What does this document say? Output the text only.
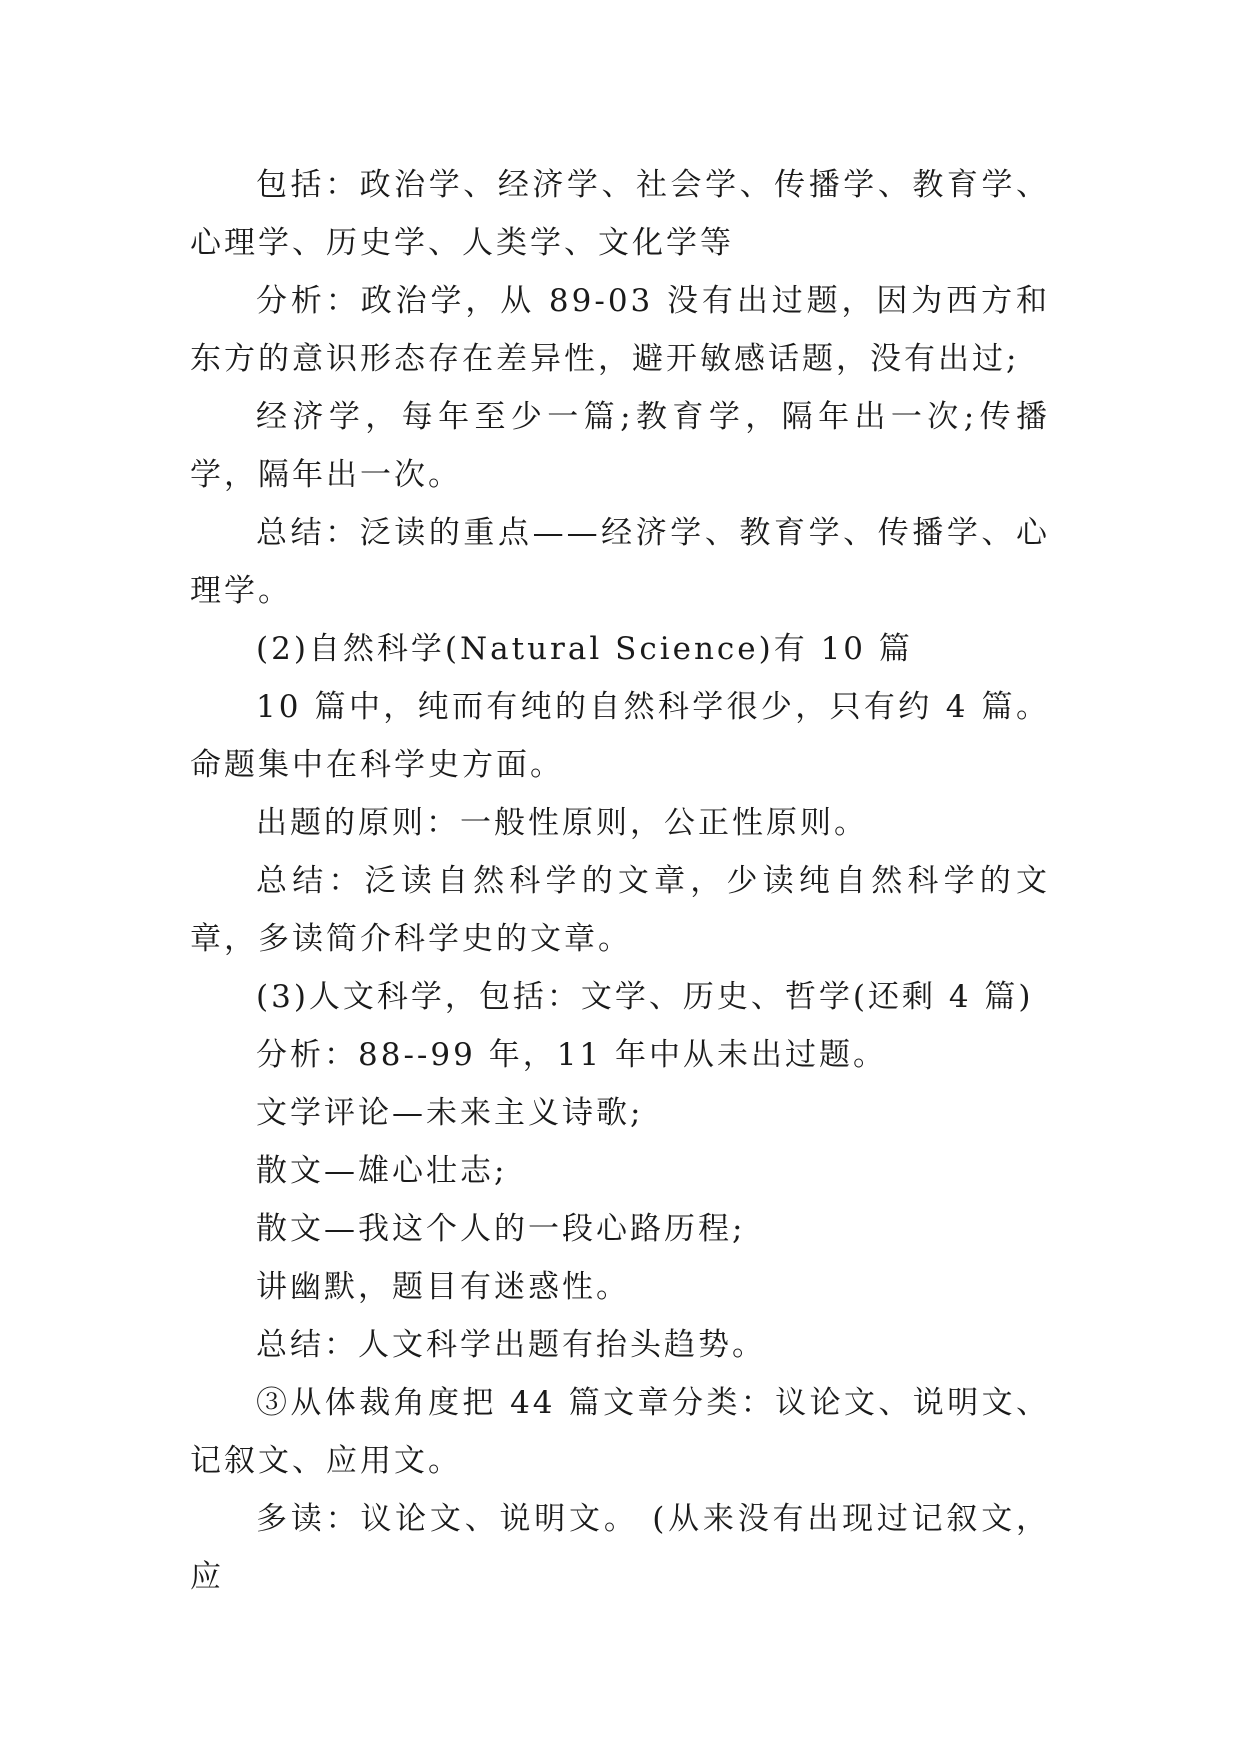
包括：政治学、经济学、社会学、传播学、教育学、心理学、历史学、人类学、文化学等

分析：政治学，从 89-03 没有出过题，因为西方和东方的意识形态存在差异性，避开敏感话题，没有出过;

经济学，每年至少一篇;教育学，隔年出一次;传播学，隔年出一次。

总结：泛读的重点——经济学、教育学、传播学、心理学。

(2)自然科学(Natural Science)有 10 篇

10 篇中，纯而有纯的自然科学很少，只有约 4 篇。命题集中在科学史方面。

出题的原则：一般性原则，公正性原则。

总结：泛读自然科学的文章，少读纯自然科学的文章，多读简介科学史的文章。

(3)人文科学，包括：文学、历史、哲学(还剩 4 篇)

分析：88--99 年，11 年中从未出过题。

文学评论—未来主义诗歌;

散文—雄心壮志;

散文—我这个人的一段心路历程;

讲幽默，题目有迷惑性。

总结：人文科学出题有抬头趋势。

③从体裁角度把 44 篇文章分类：议论文、说明文、记叙文、应用文。

多读：议论文、说明文。 (从来没有出现过记叙文，应
